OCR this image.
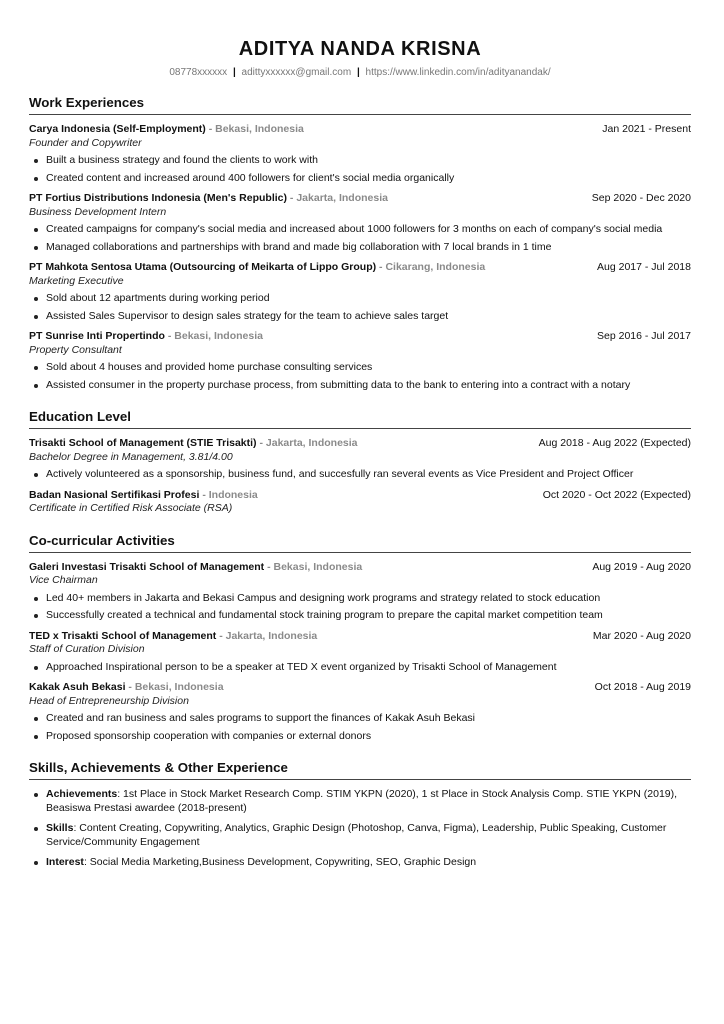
ADITYA NANDA KRISNA
08778xxxxxx | adittyxxxxxx@gmail.com | https://www.linkedin.com/in/adityanandak/
Work Experiences
Carya Indonesia (Self-Employment) - Bekasi, Indonesia	Jan 2021 - Present
Founder and Copywriter
Built a business strategy and found the clients to work with
Created content and increased around 400 followers for client's social media organically
PT Fortius Distributions Indonesia (Men's Republic) - Jakarta, Indonesia	Sep 2020 - Dec 2020
Business Development Intern
Created campaigns for company's social media and increased about 1000 followers for 3 months on each of company's social media
Managed collaborations and partnerships with brand and made big collaboration with 7 local brands in 1 time
PT Mahkota Sentosa Utama (Outsourcing of Meikarta of Lippo Group) - Cikarang, Indonesia	Aug 2017 - Jul 2018
Marketing Executive
Sold about 12 apartments during working period
Assisted Sales Supervisor to design sales strategy for the team to achieve sales target
PT Sunrise Inti Propertindo - Bekasi, Indonesia	Sep 2016 - Jul 2017
Property Consultant
Sold about 4 houses and provided home purchase consulting services
Assisted consumer in the property purchase process, from submitting data to the bank to entering into a contract with a notary
Education Level
Trisakti School of Management (STIE Trisakti) - Jakarta, Indonesia	Aug 2018 - Aug 2022 (Expected)
Bachelor Degree in Management, 3.81/4.00
Actively volunteered as a sponsorship, business fund, and succesfully ran several events as Vice President and Project Officer
Badan Nasional Sertifikasi Profesi - Indonesia	Oct 2020 - Oct 2022 (Expected)
Certificate in Certified Risk Associate (RSA)
Co-curricular Activities
Galeri Investasi Trisakti School of Management - Bekasi, Indonesia	Aug 2019 - Aug 2020
Vice Chairman
Led 40+ members in Jakarta and Bekasi Campus and designing work programs and strategy related to stock education
Successfully created a technical and fundamental stock training program to prepare the capital market competition team
TED x Trisakti School of Management - Jakarta, Indonesia	Mar 2020 - Aug 2020
Staff of Curation Division
Approached Inspirational person to be a speaker at TED X event organized by Trisakti School of Management
Kakak Asuh Bekasi - Bekasi, Indonesia	Oct 2018 - Aug 2019
Head of Entrepreneurship Division
Created and ran business and sales programs to support the finances of Kakak Asuh Bekasi
Proposed sponsorship cooperation with companies or external donors
Skills, Achievements & Other Experience
Achievements: 1st Place in Stock Market Research Comp. STIM YKPN (2020), 1 st Place in Stock Analysis Comp. STIE YKPN (2019), Beasiswa Prestasi awardee (2018-present)
Skills: Content Creating, Copywriting, Analytics, Graphic Design (Photoshop, Canva, Figma), Leadership, Public Speaking, Customer Service/Community Engagement
Interest: Social Media Marketing,Business Development, Copywriting, SEO, Graphic Design
